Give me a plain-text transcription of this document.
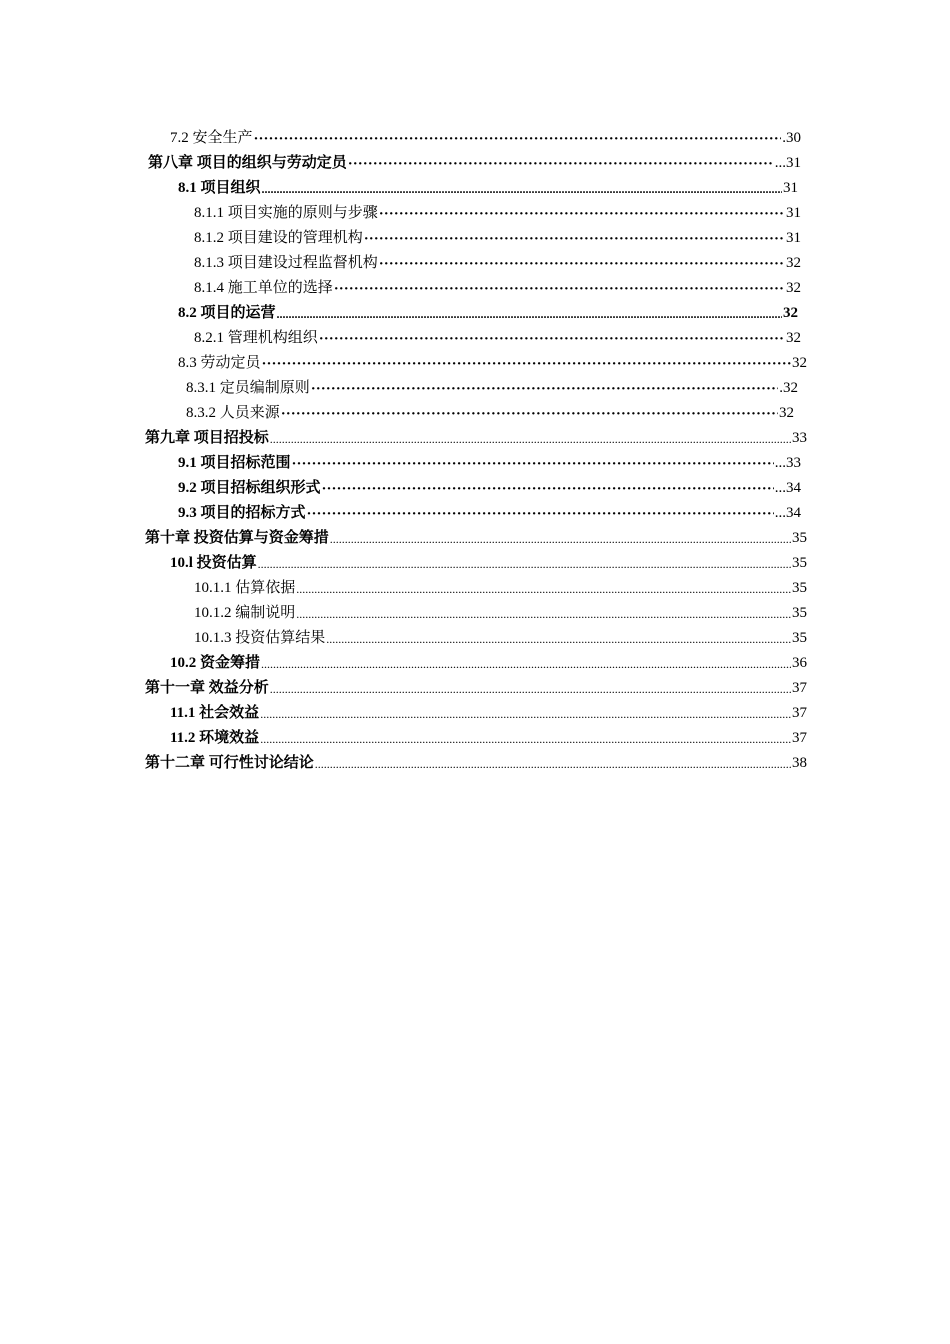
7.2 安全生产 ·····	.30
第八章 项目的组织与劳动定员 ·····	...31
8.1 项目组织 .....	31
8.1.1 项目实施的原则与步骤 ·····	31
8.1.2 项目建设的管理机构 ·····	31
8.1.3 项目建设过程监督机构 ·····	32
8.1.4 施工单位的选择 ·····	32
8.2 项目的运营 .....	32
8.2.1 管理机构组织 ·····	32
8.3 劳动定员 ·····	32
8.3.1 定员编制原则 ·····	.32
8.3.2 人员来源 ·····	32
第九章 项目招投标 .....	33
9.1 项目招标范围 ·····	...33
9.2 项目招标组织形式 ·····	...34
9.3 项目的招标方式 ·····	...34
第十章 投资估算与资金筹措 .....	35
10.l 投资估算 .....	35
10.1.1 估算依据 .....	35
10.1.2 编制说明 .....	35
10.1.3 投资估算结果 .....	35
10.2 资金筹措 .....	36
第十一章 效益分析 .....	37
11.1 社会效益 .....	37
11.2 环境效益 .....	37
第十二章 可行性讨论结论 .....	38
